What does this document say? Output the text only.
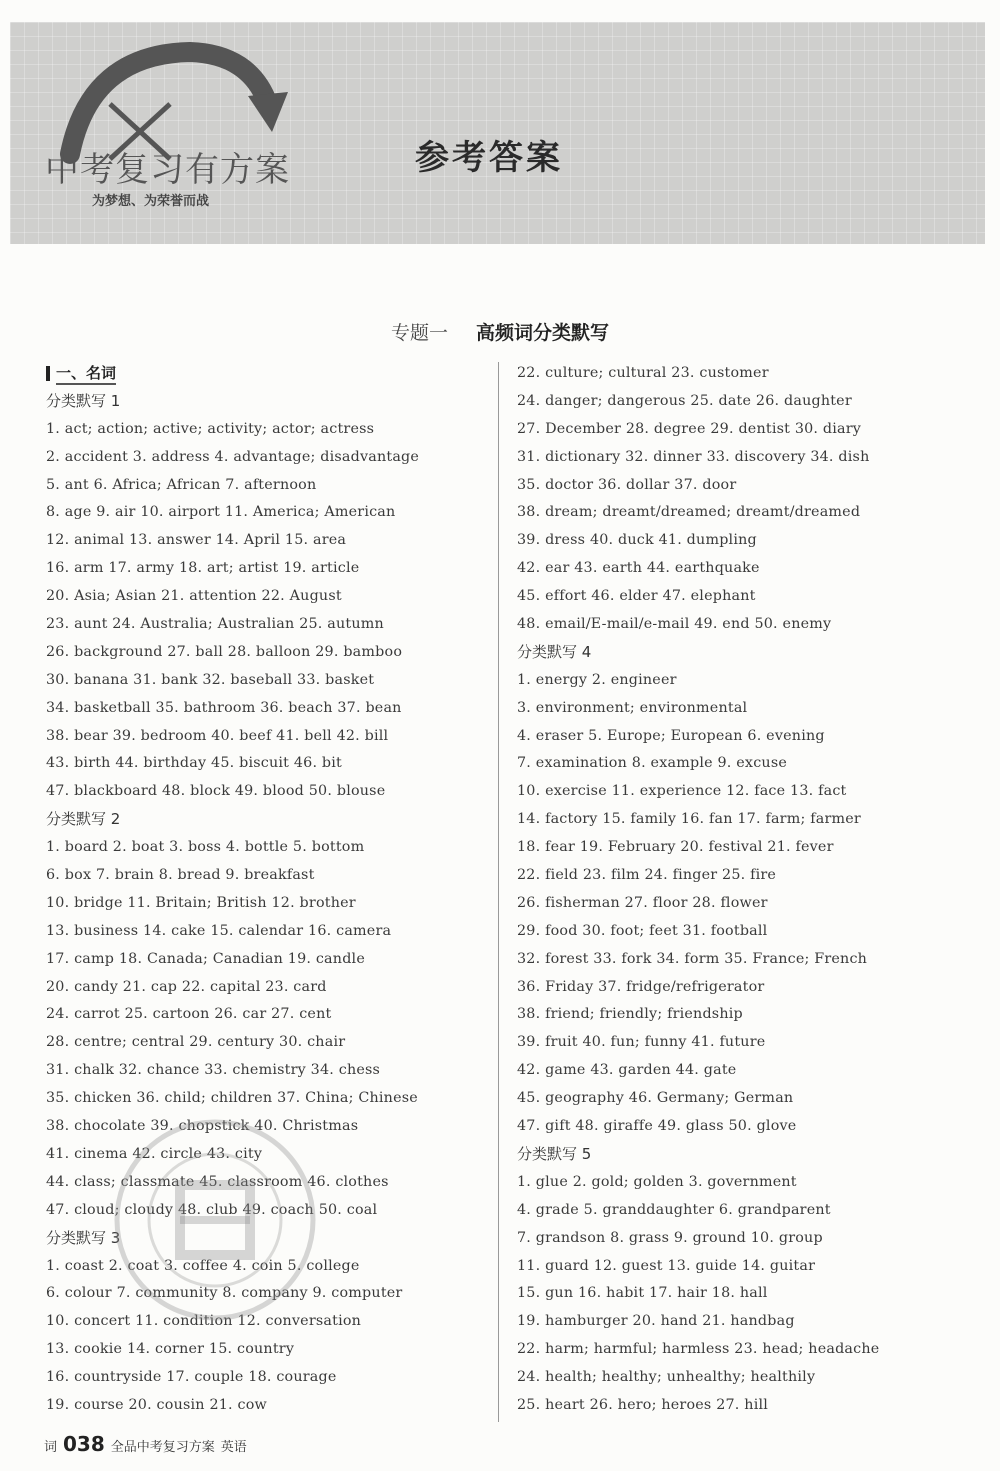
中考复习有方案
为梦想、为荣誉而战
参考答案
专题一 高频词分类默写
一、名词
分类默写 1
1. act; action; active; activity; actor; actress
2. accident 3. address 4. advantage; disadvantage
5. ant 6. Africa; African 7. afternoon
8. age 9. air 10. airport 11. America; American
12. animal 13. answer 14. April 15. area
16. arm 17. army 18. art; artist 19. article
20. Asia; Asian 21. attention 22. August
23. aunt 24. Australia; Australian 25. autumn
26. background 27. ball 28. balloon 29. bamboo
30. banana 31. bank 32. baseball 33. basket
34. basketball 35. bathroom 36. beach 37. bean
38. bear 39. bedroom 40. beef 41. bell 42. bill
43. birth 44. birthday 45. biscuit 46. bit
47. blackboard 48. block 49. blood 50. blouse
分类默写 2
1. board 2. boat 3. boss 4. bottle 5. bottom
6. box 7. brain 8. bread 9. breakfast
10. bridge 11. Britain; British 12. brother
13. business 14. cake 15. calendar 16. camera
17. camp 18. Canada; Canadian 19. candle
20. candy 21. cap 22. capital 23. card
24. carrot 25. cartoon 26. car 27. cent
28. centre; central 29. century 30. chair
31. chalk 32. chance 33. chemistry 34. chess
35. chicken 36. child; children 37. China; Chinese
38. chocolate 39. chopstick 40. Christmas
41. cinema 42. circle 43. city
44. class; classmate 45. classroom 46. clothes
47. cloud; cloudy 48. club 49. coach 50. coal
分类默写 3
1. coast 2. coat 3. coffee 4. coin 5. college
6. colour 7. community 8. company 9. computer
10. concert 11. condition 12. conversation
13. cookie 14. corner 15. country
16. countryside 17. couple 18. courage
19. course 20. cousin 21. cow
22. culture; cultural 23. customer
24. danger; dangerous 25. date 26. daughter
27. December 28. degree 29. dentist 30. diary
31. dictionary 32. dinner 33. discovery 34. dish
35. doctor 36. dollar 37. door
38. dream; dreamt/dreamed; dreamt/dreamed
39. dress 40. duck 41. dumpling
42. ear 43. earth 44. earthquake
45. effort 46. elder 47. elephant
48. email/E-mail/e-mail 49. end 50. enemy
分类默写 4
1. energy 2. engineer
3. environment; environmental
4. eraser 5. Europe; European 6. evening
7. examination 8. example 9. excuse
10. exercise 11. experience 12. face 13. fact
14. factory 15. family 16. fan 17. farm; farmer
18. fear 19. February 20. festival 21. fever
22. field 23. film 24. finger 25. fire
26. fisherman 27. floor 28. flower
29. food 30. foot; feet 31. football
32. forest 33. fork 34. form 35. France; French
36. Friday 37. fridge/refrigerator
38. friend; friendly; friendship
39. fruit 40. fun; funny 41. future
42. game 43. garden 44. gate
45. geography 46. Germany; German
47. gift 48. giraffe 49. glass 50. glove
分类默写 5
1. glue 2. gold; golden 3. government
4. grade 5. granddaughter 6. grandparent
7. grandson 8. grass 9. ground 10. group
11. guard 12. guest 13. guide 14. guitar
15. gun 16. habit 17. hair 18. hall
19. hamburger 20. hand 21. handbag
22. harm; harmful; harmless 23. head; headache
24. health; healthy; unhealthy; healthily
25. heart 26. hero; heroes 27. hill
词 038 全品中考复习方案 英语
